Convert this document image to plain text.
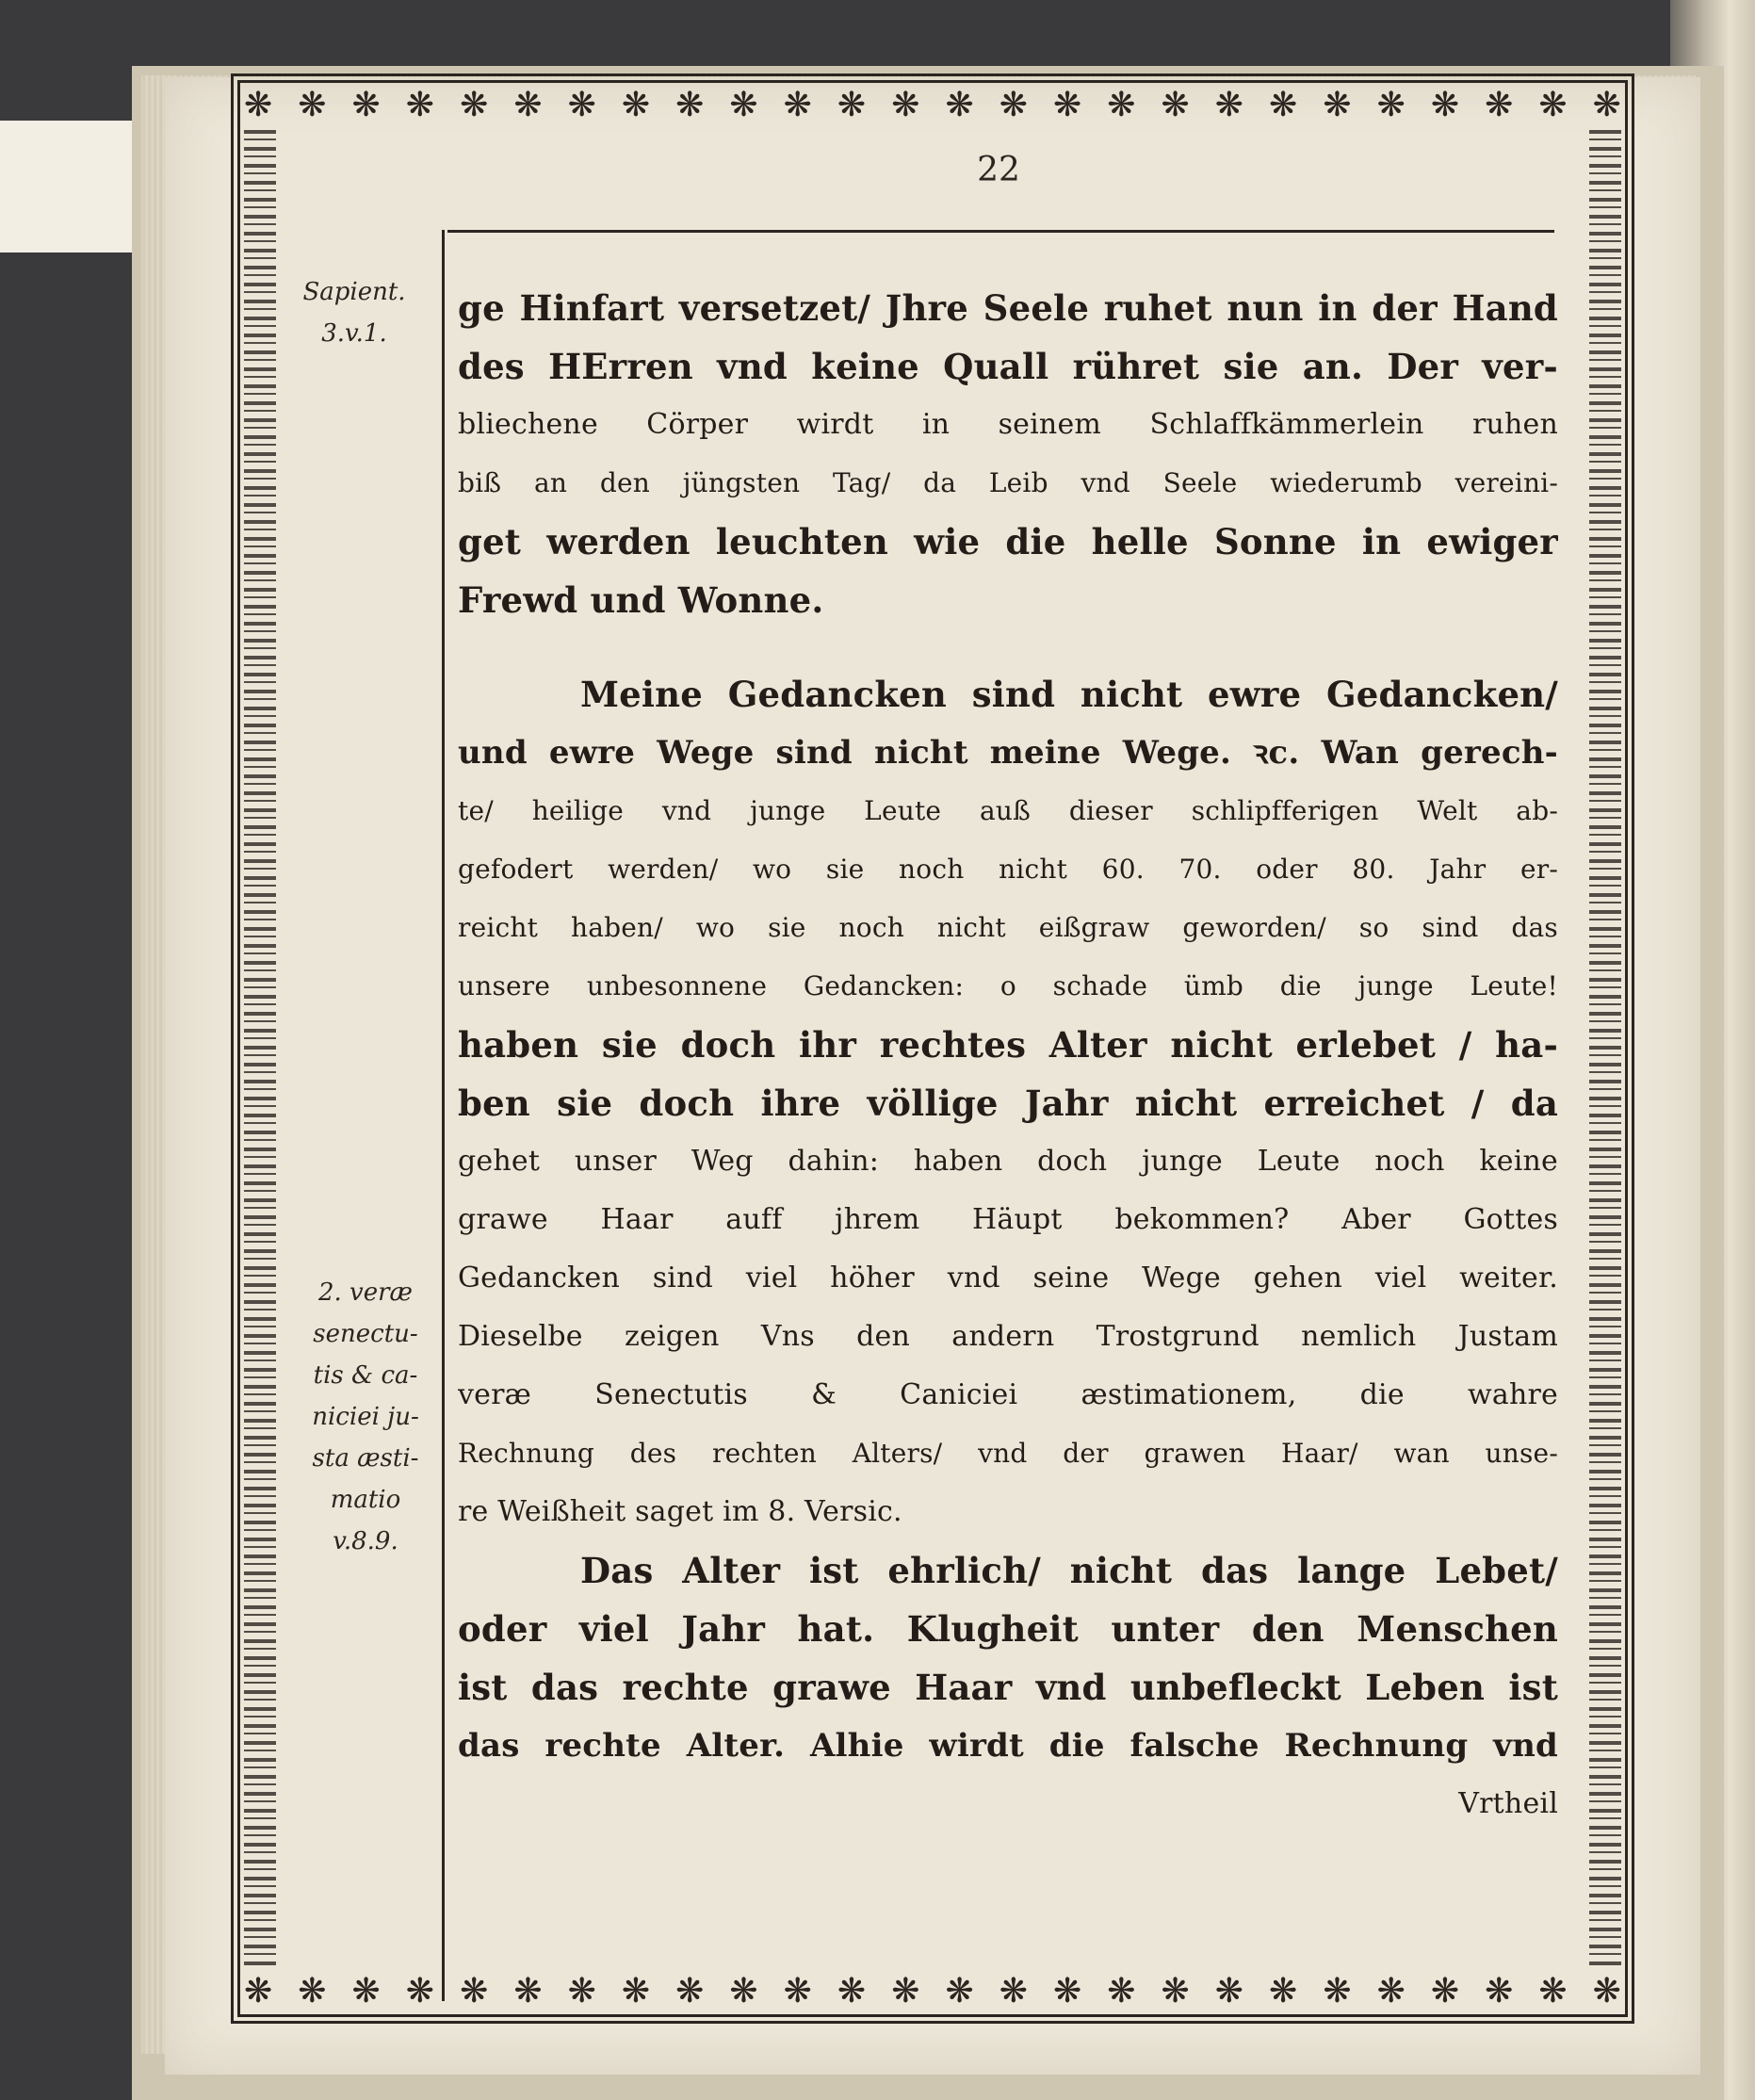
❋ ❋ ❋ ❋ ❋ ❋ ❋ ❋ ❋ ❋ ❋ ❋ ❋ ❋ ❋ ❋ ❋ ❋ ❋ ❋ ❋ ❋ ❋ ❋ ❋ ❋
❋ ❋ ❋ ❋ ❋ ❋ ❋ ❋ ❋ ❋ ❋ ❋ ❋ ❋ ❋ ❋ ❋ ❋ ❋ ❋ ❋ ❋ ❋ ❋ ❋ ❋
22
Sapient.
3.v.1.
2. veræ
senectu-
tis & ca-
niciei ju-
sta æsti-
matio
v.8.9.
ge Hinfart versetzet/ Jhre Seele ruhet nun in der Hand
des HErren vnd keine Quall rühret sie an. Der ver-
bliechene Cörper wirdt in seinem Schlaffkämmerlein ruhen
biß an den jüngsten Tag/ da Leib vnd Seele wiederumb vereini-
get werden leuchten wie die helle Sonne in ewiger
Frewd und Wonne.
Meine Gedancken sind nicht ewre Gedancken/
und ewre Wege sind nicht meine Wege. ꝛc. Wan gerech-
te/ heilige vnd junge Leute auß dieser schlipfferigen Welt ab-
gefodert werden/ wo sie noch nicht 60. 70. oder 80. Jahr er-
reicht haben/ wo sie noch nicht eißgraw geworden/ so sind das
unsere unbesonnene Gedancken: o schade ümb die junge Leute!
haben sie doch ihr rechtes Alter nicht erlebet / ha-
ben sie doch ihre völlige Jahr nicht erreichet / da
gehet unser Weg dahin: haben doch junge Leute noch keine
grawe Haar auff jhrem Häupt bekommen? Aber Gottes
Gedancken sind viel höher vnd seine Wege gehen viel weiter.
Dieselbe zeigen Vns den andern Trostgrund nemlich Justam
veræ Senectutis & Caniciei æstimationem, die wahre
Rechnung des rechten Alters/ vnd der grawen Haar/ wan unse-
re Weißheit saget im 8. Versic.
Das Alter ist ehrlich/ nicht das lange Lebet/
oder viel Jahr hat. Klugheit unter den Menschen
ist das rechte grawe Haar vnd unbefleckt Leben ist
das rechte Alter. Alhie wirdt die falsche Rechnung vnd
Vrtheil
